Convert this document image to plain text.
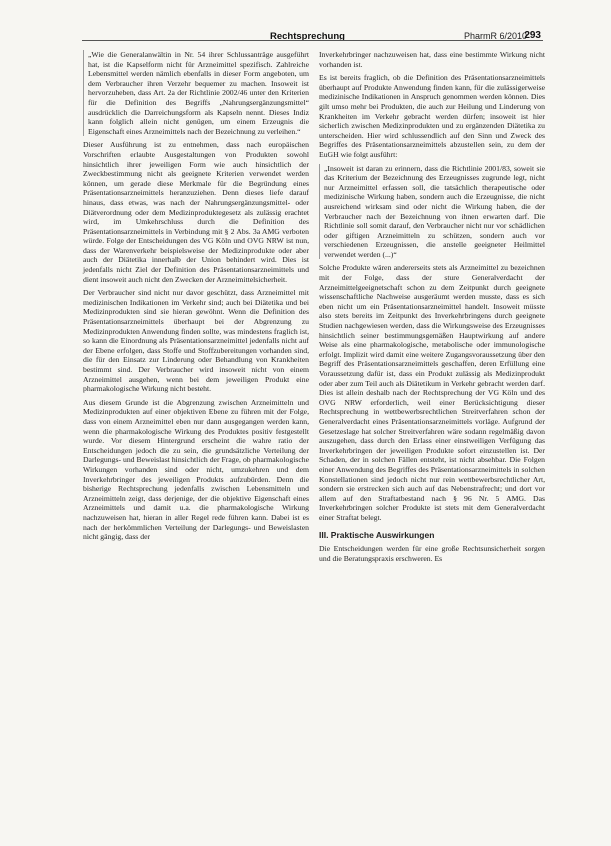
Rechtsprechung	PharmR 6/2010
293

„Wie die Generalanwältin in Nr. 54 ihrer Schlussanträge ausgeführt hat, ist die Kapselform nicht für Arzneimittel spezifisch. Zahlreiche Lebensmittel werden nämlich ebenfalls in dieser Form angeboten, um dem Verbraucher ihren Verzehr bequemer zu machen. Insoweit ist hervorzuheben, dass Art. 2a der Richtlinie 2002/46 unter den Kriterien für die Definition des Begriffs „Nahrungsergänzungsmittel“ ausdrücklich die Darreichungsform als Kapseln nennt. Dieses Indiz kann folglich allein nicht genügen, um einem Erzeugnis die Eigenschaft eines Arzneimittels nach der Bezeichnung zu verleihen.“

Dieser Ausführung ist zu entnehmen, dass nach europäischen Vorschriften erlaubte Ausgestaltungen von Produkten sowohl hinsichtlich ihrer jeweiligen Form wie auch hinsichtlich der Zweckbestimmung nicht als geeignete Kriterien verwendet werden können, um gerade diese Merkmale für die Begründung eines Präsentationsarzneimittels heranzuziehen. Denn dieses liefe darauf hinaus, dass etwas, was nach der Nahrungsergänzungsmittel- oder Diätverordnung oder dem Medizinproduktegesetz als zulässig erachtet wird, im Umkehrschluss durch die Definition des Präsentationsarzneimittels in Verbindung mit § 2 Abs. 3a AMG verboten würde. Folge der Entscheidungen des VG Köln und OVG NRW ist nun, dass der Warenverkehr beispielsweise der Medizinprodukte oder aber auch der Diätetika innerhalb der Union behindert wird. Dies ist jedenfalls nicht Ziel der Definition des Präsentationsarzneimittels und dient insoweit auch nicht den Zwecken der Arzneimittelsicherheit.

Der Verbraucher sind nicht nur davor geschützt, dass Arzneimittel mit medizinischen Indikationen im Verkehr sind; auch bei Diätetika und bei Medizinprodukten sind sie hieran gewöhnt. Wenn die Definition des Präsentationsarzneimittels überhaupt bei der Abgrenzung zu Medizinprodukten Anwendung finden sollte, was mindestens fraglich ist, so kann die Einordnung als Präsentationsarzneimittel jedenfalls nicht auf der Ebene erfolgen, dass Stoffe und Stoffzubereitungen vorhanden sind, die für den Einsatz zur Linderung oder Behandlung von Krankheiten bestimmt sind. Der Verbraucher wird insoweit nicht von einem Arzneimittel ausgehen, wenn bei dem jeweiligen Produkt eine pharmakologische Wirkung nicht besteht.

Aus diesem Grunde ist die Abgrenzung zwischen Arzneimitteln und Medizinprodukten auf einer objektiven Ebene zu führen mit der Folge, dass von einem Arzneimittel eben nur dann ausgegangen werden kann, wenn die pharmakologische Wirkung des Produktes positiv festgestellt wurde. Vor diesem Hintergrund erscheint die wahre ratio der Entscheidungen jedoch die zu sein, die grundsätzliche Verteilung der Darlegungs- und Beweislast hinsichtlich der Frage, ob pharmakologische Wirkungen vorhanden sind oder nicht, umzukehren und dem Inverkehrbringer des jeweiligen Produkts aufzubürden. Denn die bisherige Rechtsprechung jedenfalls zwischen Lebensmitteln und Arzneimitteln zeigt, dass derjenige, der die objektive Eigenschaft eines Arzneimittels und damit u.a. die pharmakologische Wirkung nachzuweisen hat, hieran in aller Regel rede führen kann. Dabei ist es nach der herkömmlichen Verteilung der Darlegungs- und Beweislasten nicht gängig, dass der

Inverkehrbringer nachzuweisen hat, dass eine bestimmte Wirkung nicht vorhanden ist.

Es ist bereits fraglich, ob die Definition des Präsentationsarzneimittels überhaupt auf Produkte Anwendung finden kann, für die zulässigerweise medizinische Indikationen in Anspruch genommen werden können. Dies gilt umso mehr bei Produkten, die auch zur Heilung und Linderung von Krankheiten im Verkehr gebracht werden dürfen; insoweit ist hier sicherlich zwischen Medizinprodukten und zu ergänzenden Diätetika zu unterscheiden. Hier wird schlussendlich auf den Sinn und Zweck des Begriffes des Präsentationsarzneimittels abzustellen sein, zu dem der EuGH wie folgt ausführt:

„Insoweit ist daran zu erinnern, dass die Richtlinie 2001/83, soweit sie das Kriterium der Bezeichnung des Erzeugnisses zugrunde legt, nicht nur Arzneimittel erfassen soll, die tatsächlich therapeutische oder medizinische Wirkung haben, sondern auch die Erzeugnisse, die nicht ausreichend wirksam sind oder nicht die Wirkung haben, die der Verbraucher nach der Bezeichnung von ihnen erwarten darf. Die Richtlinie soll somit darauf, den Verbraucher nicht nur vor schädlichen oder giftigen Arzneimitteln zu schützen, sondern auch vor verschiedenen Erzeugnissen, die anstelle geeigneter Heilmittel verwendet werden (...)“

Solche Produkte wären andererseits stets als Arzneimittel zu bezeichnen mit der Folge, dass der sture Generalverdacht der Arzneimittelgeeignetschaft schon zu dem Zeitpunkt durch geeignete wissenschaftliche Nachweise ausgeräumt werden musste, dass es sich eben nicht um ein Präsentationsarzneimittel handelt. Insoweit müsste also stets bereits im Zeitpunkt des Inverkehrbringens durch geeignete Studien nachgewiesen werden, dass die Wirkungsweise des Erzeugnisses hinsichtlich seiner bestimmungsgemäßen Hauptwirkung auf andere Weise als eine pharmakologische, metabolische oder immunologische erfolgt. Implizit wird damit eine weitere Zugangsvoraussetzung über den Begriff des Präsentationsarzneimittels geschaffen, deren Erfüllung eine Voraussetzung dafür ist, dass ein Produkt zulässig als Medizinprodukt oder aber zum Teil auch als Diätetikum in Verkehr gebracht werden darf. Dies ist allein deshalb nach der Rechtsprechung der VG Köln und des OVG NRW erforderlich, weil einer Berücksichtigung dieser Rechtsprechung in wettbewerbsrechtlichen Streitverfahren schon der Generalverdacht eines Präsentationsarzneimittels vorläge. Aufgrund der Gesetzeslage hat solcher Streitverfahren wäre sodann regelmäßig davon auszugehen, dass durch den Erlass einer einstweiligen Verfügung das Inverkehrbringen der jeweiligen Produkte sofort einzustellen ist. Der Schaden, der in solchen Fällen entsteht, ist nicht absehbar. Die Folgen einer Anwendung des Begriffes des Präsentationsarzneimittels in solchen Konstellationen sind jedoch nicht nur rein wettbewerbsrechtlicher Art, sondern sie erstrecken sich auch auf das Nebenstrafrecht; und dort vor allem auf den Straftatbestand nach § 96 Nr. 5 AMG. Das Inverkehrbringen solcher Produkte ist stets mit dem Generalverdacht einer Straftat belegt.

III. Praktische Auswirkungen

Die Entscheidungen werden für eine große Rechtsunsicherheit sorgen und die Beratungspraxis erschweren. Es
